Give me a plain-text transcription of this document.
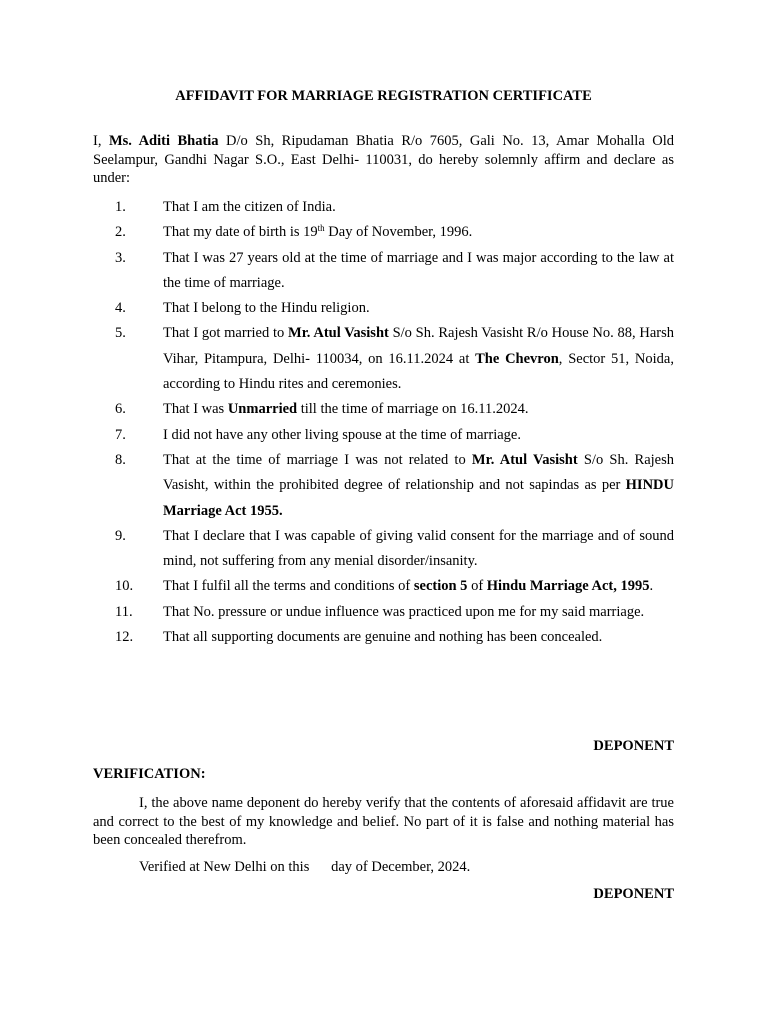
AFFIDAVIT FOR MARRIAGE REGISTRATION CERTIFICATE

I, Ms. Aditi Bhatia D/o Sh, Ripudaman Bhatia R/o 7605, Gali No. 13, Amar Mohalla Old Seelampur, Gandhi Nagar S.O., East Delhi- 110031, do hereby solemnly affirm and declare as under:

1.	That I am the citizen of India.
2.	That my date of birth is 19th Day of November, 1996.
3.	That I was 27 years old at the time of marriage and I was major according to the law at the time of marriage.
4.	That I belong to the Hindu religion.
5.	That I got married to Mr. Atul Vasisht S/o Sh. Rajesh Vasisht R/o House No. 88, Harsh Vihar, Pitampura, Delhi- 110034, on 16.11.2024 at The Chevron, Sector 51, Noida, according to Hindu rites and ceremonies.
6.	That I was Unmarried till the time of marriage on 16.11.2024.
7.	I did not have any other living spouse at the time of marriage.
8.	That at the time of marriage I was not related to Mr. Atul Vasisht S/o Sh. Rajesh Vasisht, within the prohibited degree of relationship and not sapindas as per HINDU Marriage Act 1955.
9.	That I declare that I was capable of giving valid consent for the marriage and of sound mind, not suffering from any menial disorder/insanity.
10.	That I fulfil all the terms and conditions of section 5 of Hindu Marriage Act, 1995.
11.	That No. pressure or undue influence was practiced upon me for my said marriage.
12.	That all supporting documents are genuine and nothing has been concealed.
DEPONENT
VERIFICATION:

I, the above name deponent do hereby verify that the contents of aforesaid affidavit are true and correct to the best of my knowledge and belief. No part of it is false and nothing material has been concealed therefrom.

Verified at New Delhi on this      day of December, 2024.
DEPONENT
